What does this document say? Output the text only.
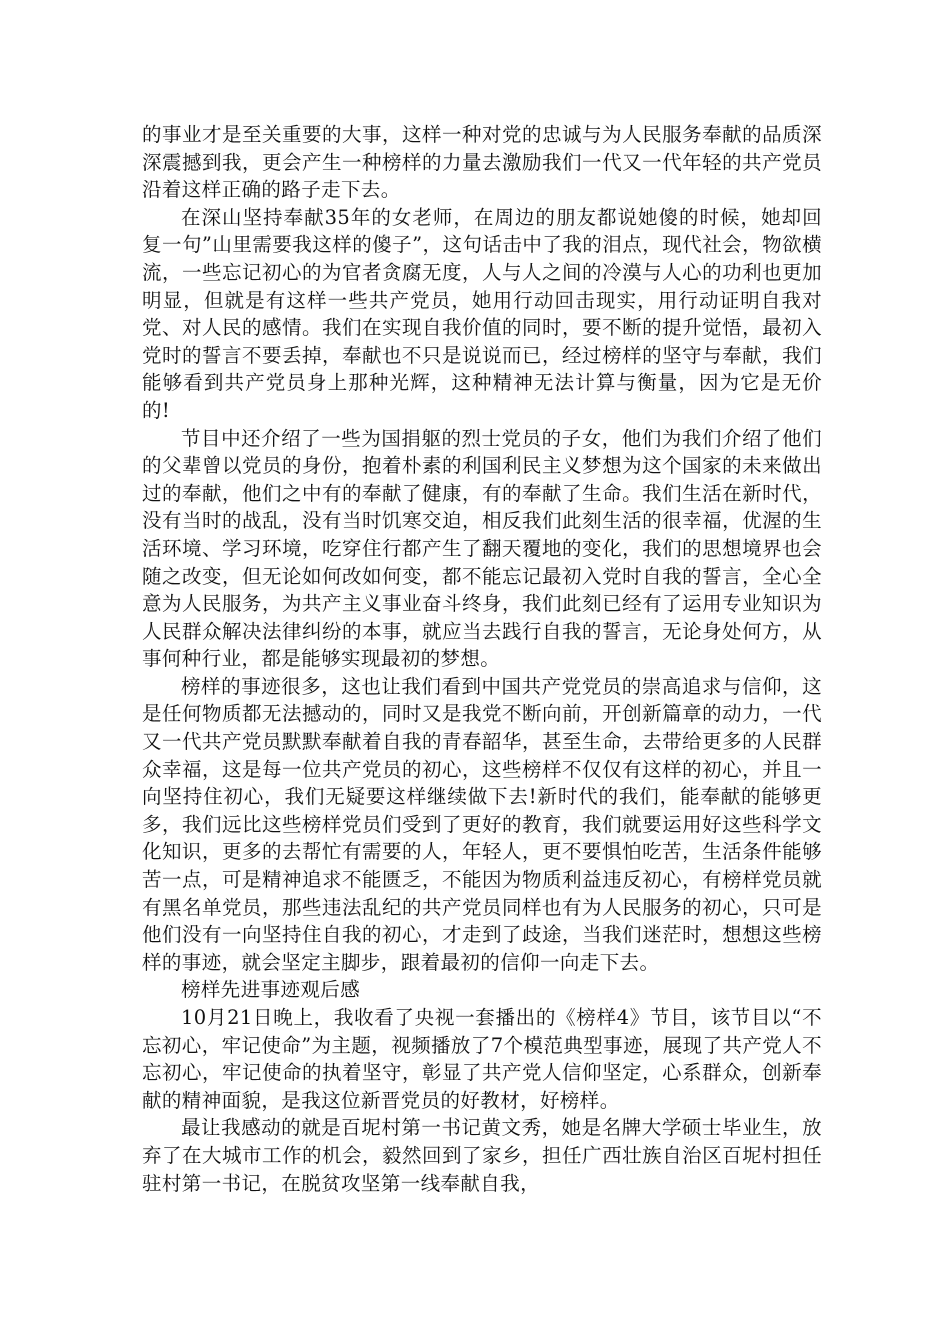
的事业才是至关重要的大事，这样一种对党的忠诚与为人民服务奉献的品质深深震撼到我，更会产生一种榜样的力量去激励我们一代又一代年轻的共产党员沿着这样正确的路子走下去。

在深山坚持奉献35年的女老师，在周边的朋友都说她傻的时候，她却回复一句”山里需要我这样的傻子”，这句话击中了我的泪点，现代社会，物欲横流，一些忘记初心的为官者贪腐无度，人与人之间的冷漠与人心的功利也更加明显，但就是有这样一些共产党员，她用行动回击现实，用行动证明自我对党、对人民的感情。我们在实现自我价值的同时，要不断的提升觉悟，最初入党时的誓言不要丢掉，奉献也不只是说说而已，经过榜样的坚守与奉献，我们能够看到共产党员身上那种光辉，这种精神无法计算与衡量，因为它是无价的!

节目中还介绍了一些为国捐躯的烈士党员的子女，他们为我们介绍了他们的父辈曾以党员的身份，抱着朴素的利国利民主义梦想为这个国家的未来做出过的奉献，他们之中有的奉献了健康，有的奉献了生命。我们生活在新时代，没有当时的战乱，没有当时饥寒交迫，相反我们此刻生活的很幸福，优渥的生活环境、学习环境，吃穿住行都产生了翻天覆地的变化，我们的思想境界也会随之改变，但无论如何改如何变，都不能忘记最初入党时自我的誓言，全心全意为人民服务，为共产主义事业奋斗终身，我们此刻已经有了运用专业知识为人民群众解决法律纠纷的本事，就应当去践行自我的誓言，无论身处何方，从事何种行业，都是能够实现最初的梦想。

榜样的事迹很多，这也让我们看到中国共产党党员的崇高追求与信仰，这是任何物质都无法撼动的，同时又是我党不断向前，开创新篇章的动力，一代又一代共产党员默默奉献着自我的青春韶华，甚至生命，去带给更多的人民群众幸福，这是每一位共产党员的初心，这些榜样不仅仅有这样的初心，并且一向坚持住初心，我们无疑要这样继续做下去!新时代的我们，能奉献的能够更多，我们远比这些榜样党员们受到了更好的教育，我们就要运用好这些科学文化知识，更多的去帮忙有需要的人，年轻人，更不要惧怕吃苦，生活条件能够苦一点，可是精神追求不能匮乏，不能因为物质利益违反初心，有榜样党员就有黑名单党员，那些违法乱纪的共产党员同样也有为人民服务的初心，只可是他们没有一向坚持住自我的初心，才走到了歧途，当我们迷茫时，想想这些榜样的事迹，就会坚定主脚步，跟着最初的信仰一向走下去。

榜样先进事迹观后感

10月21日晚上，我收看了央视一套播出的《榜样4》节目，该节目以“不忘初心，牢记使命”为主题，视频播放了7个模范典型事迹，展现了共产党人不忘初心，牢记使命的执着坚守，彰显了共产党人信仰坚定，心系群众，创新奉献的精神面貌，是我这位新晋党员的好教材，好榜样。

最让我感动的就是百坭村第一书记黄文秀，她是名牌大学硕士毕业生，放弃了在大城市工作的机会，毅然回到了家乡，担任广西壮族自治区百坭村担任驻村第一书记，在脱贫攻坚第一线奉献自我，
